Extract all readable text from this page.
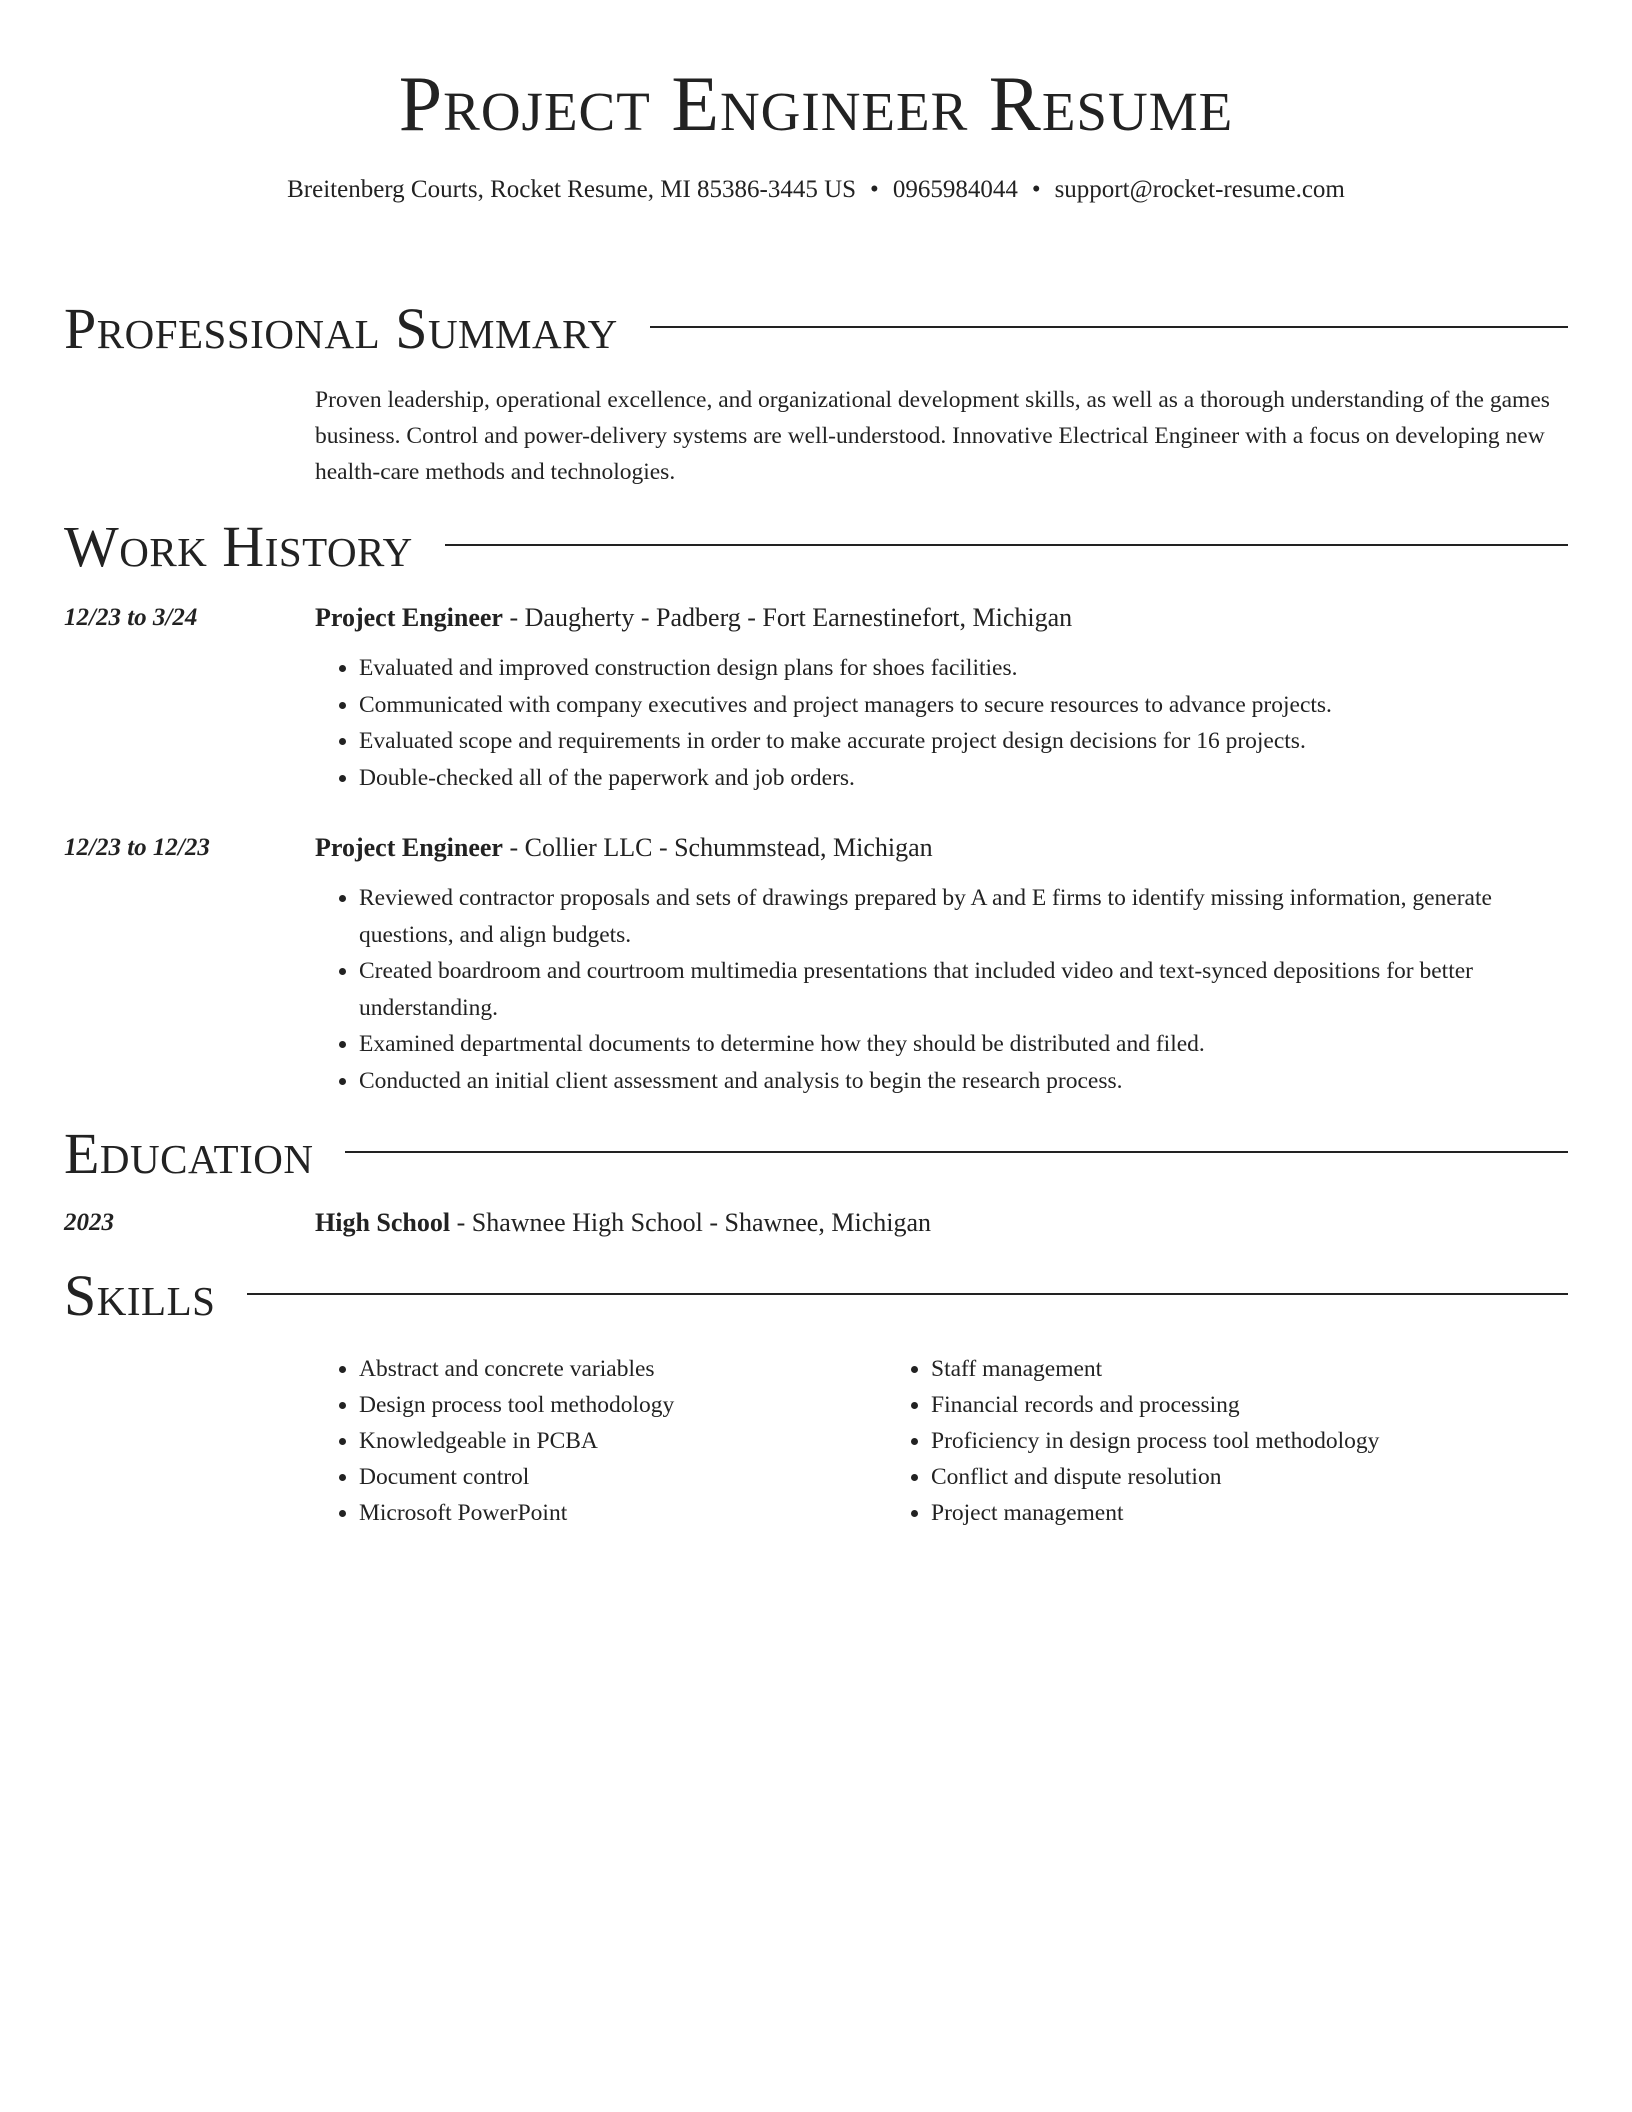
Project Engineer Resume
Breitenberg Courts, Rocket Resume, MI 85386-3445 US • 0965984044 • support@rocket-resume.com
Professional Summary
Proven leadership, operational excellence, and organizational development skills, as well as a thorough understanding of the games business. Control and power-delivery systems are well-understood. Innovative Electrical Engineer with a focus on developing new health-care methods and technologies.
Work History
12/23 to 3/24	Project Engineer - Daugherty - Padberg - Fort Earnestinefort, Michigan
• Evaluated and improved construction design plans for shoes facilities.
• Communicated with company executives and project managers to secure resources to advance projects.
• Evaluated scope and requirements in order to make accurate project design decisions for 16 projects.
• Double-checked all of the paperwork and job orders.
12/23 to 12/23	Project Engineer - Collier LLC - Schummstead, Michigan
• Reviewed contractor proposals and sets of drawings prepared by A and E firms to identify missing information, generate questions, and align budgets.
• Created boardroom and courtroom multimedia presentations that included video and text-synced depositions for better understanding.
• Examined departmental documents to determine how they should be distributed and filed.
• Conducted an initial client assessment and analysis to begin the research process.
Education
2023	High School - Shawnee High School - Shawnee, Michigan
Skills
• Abstract and concrete variables
• Design process tool methodology
• Knowledgeable in PCBA
• Document control
• Microsoft PowerPoint
• Staff management
• Financial records and processing
• Proficiency in design process tool methodology
• Conflict and dispute resolution
• Project management
